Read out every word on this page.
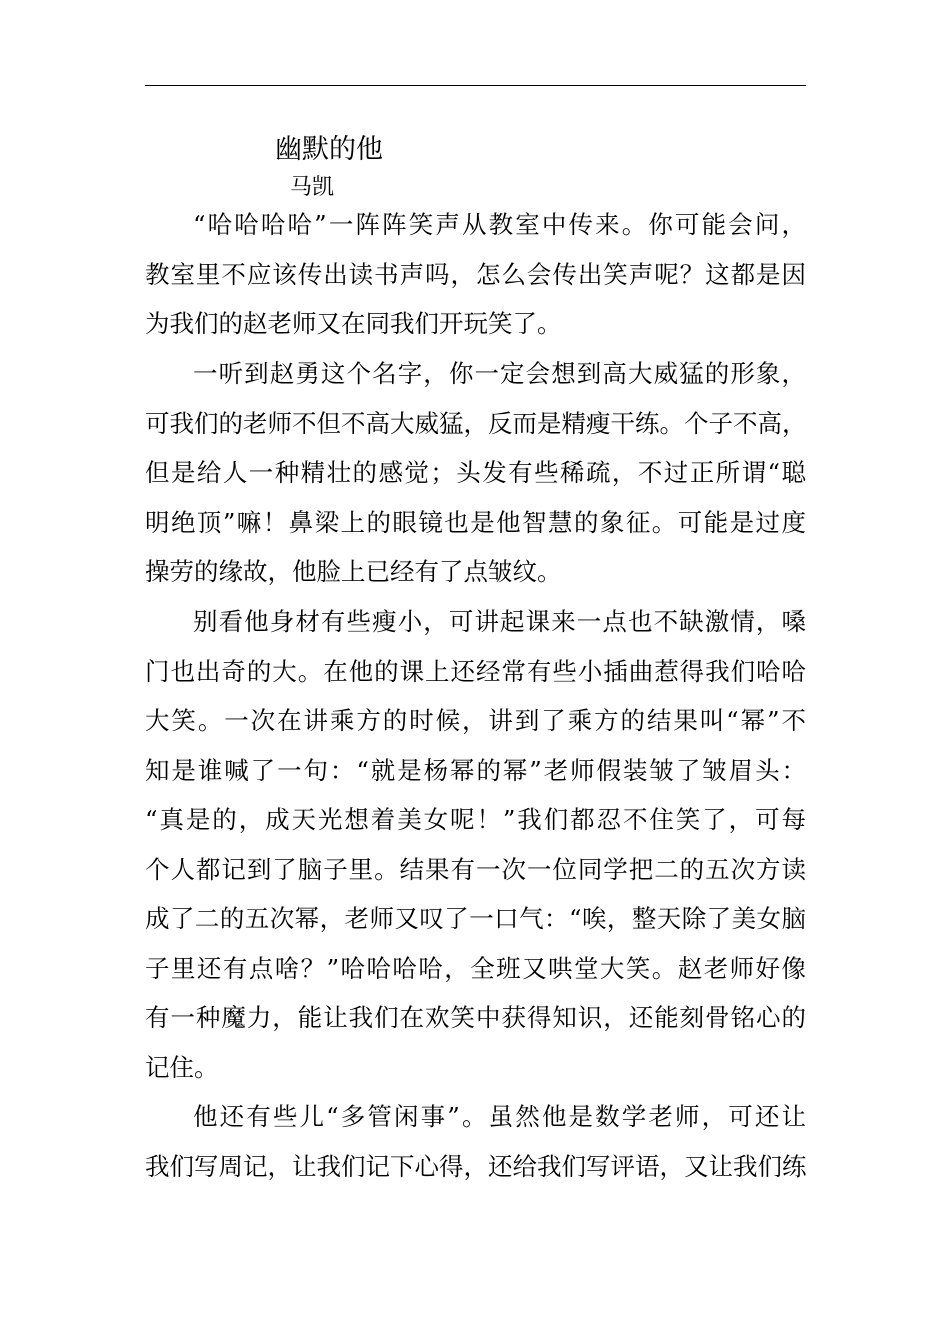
幽默的他
马凯
“哈哈哈哈”一阵阵笑声从教室中传来。你可能会问，
教室里不应该传出读书声吗，怎么会传出笑声呢？这都是因
为我们的赵老师又在同我们开玩笑了。
一听到赵勇这个名字，你一定会想到高大威猛的形象，
可我们的老师不但不高大威猛，反而是精瘦干练。个子不高，
但是给人一种精壮的感觉；头发有些稀疏，不过正所谓“聪
明绝顶”嘛！鼻梁上的眼镜也是他智慧的象征。可能是过度
操劳的缘故，他脸上已经有了点皱纹。
别看他身材有些瘦小，可讲起课来一点也不缺激情，嗓
门也出奇的大。在他的课上还经常有些小插曲惹得我们哈哈
大笑。一次在讲乘方的时候，讲到了乘方的结果叫“幂”不
知是谁喊了一句：“就是杨幂的幂”老师假装皱了皱眉头：
“真是的，成天光想着美女呢！”我们都忍不住笑了，可每
个人都记到了脑子里。结果有一次一位同学把二的五次方读
成了二的五次幂，老师又叹了一口气：“唉，整天除了美女脑
子里还有点啥？”哈哈哈哈，全班又哄堂大笑。赵老师好像
有一种魔力，能让我们在欢笑中获得知识，还能刻骨铭心的
记住。
他还有些儿“多管闲事”。虽然他是数学老师，可还让
我们写周记，让我们记下心得，还给我们写评语，又让我们练
